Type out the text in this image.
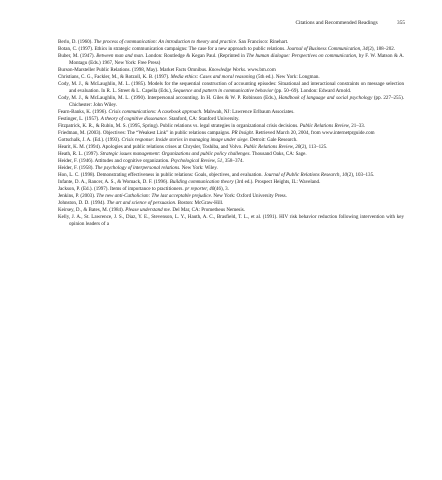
Citations and Recommended Readings	355

Berlo, D. (1960). The process of communication: An introduction to theory and practice. San Francisco: Rinehart.

Botan, C. (1997). Ethics in strategic communication campaigns: The case for a new approach to public relations. Journal of Business Communication, 34(2), 188–202.

Buber, M. (1947). Between man and man. London: Routledge & Kegan Paul. (Reprinted in The human dialogue: Perspectives on communication, by F. W. Matson & A. Montagu (Eds.) 1967, New York: Free Press)

Burson-Marsteller Public Relations. (1998, May). Market Facts Omnibus. Knowledge Works. www.bm.com

Christians, C. G., Fackler, M., & Rotzoll, K. B. (1997). Media ethics: Cases and moral reasoning (5th ed.). New York: Longman.

Cody, M. J., & McLaughlin, M. L. (1985). Models for the sequential construction of accounting episodes: Situational and interactional constraints on message selection and evaluation. In R. L. Street & L. Capella (Eds.), Sequence and pattern in communicative behavior (pp. 50–69). London: Edward Arnold.

Cody, M. J., & McLaughlin, M. L. (1990). Interpersonal accounting. In H. Giles & W. P. Robinson (Eds.), Handbook of language and social psychology (pp. 227–255). Chichester: John Wiley.

Fearn-Banks, K. (1996). Crisis communications: A casebook approach. Mahwah, NJ: Lawrence Erlbaum Associates.

Festinger, L. (1957). A theory of cognitive dissonance. Stanford, CA: Stanford University.

Fitzpatrick, K. R., & Rubin, M. S. (1995, Spring). Public relations vs. legal strategies in organizational crisis decisions. Public Relations Review, 21–33.

Friedman, M. (2003). Objectives: The “Weakest Link” in public relations campaigns. PR Insight. Retrieved March 20, 2004, from www.internetprguide.com

Gottschalk, J. A. (Ed.). (1993). Crisis response: Inside stories in managing image under siege. Detroit: Gale Research.

Hearit, K. M. (1994). Apologies and public relations crises at Chrysler, Toshiba, and Volvo. Public Relations Review, 20(2), 113–125.

Heath, R. L. (1997). Strategic issues management: Organizations and public policy challenges. Thousand Oaks, CA: Sage.

Heider, F. (1946). Attitudes and cognitive organization. Psychological Review, 51, 358–374.

Heider, F. (1958). The psychology of interpersonal relations. New York: Wiley.

Hon, L. C. (1998). Demonstrating effectiveness in public relations: Goals, objectives, and evaluation. Journal of Public Relations Research, 10(2), 103–135.

Infante, D. A., Rancer, A. S., & Womack, D. F. (1996). Building communication theory (3rd ed.). Prospect Heights, IL: Waveland.

Jackson, P. (Ed.). (1997). Items of importance to practitioners. pr reporter, 40(46), 3.

Jenkins, P. (2003). The new anti-Catholicism: The last acceptable prejudice. New York: Oxford University Press.

Johnston, D. D. (1994). The art and science of persuasion. Boston: McGraw-Hill.

Keirsey, D., & Bates, M. (1984). Please understand me. Del Mar, CA: Prometheus Nemesis.

Kelly, J. A., St. Lawrence, J. S., Diaz, Y. E., Stevenson, L. Y., Hauth, A. C., Brasfield, T. L., et al. (1991). HIV risk behavior reduction following intervention with key opinion leaders of a
